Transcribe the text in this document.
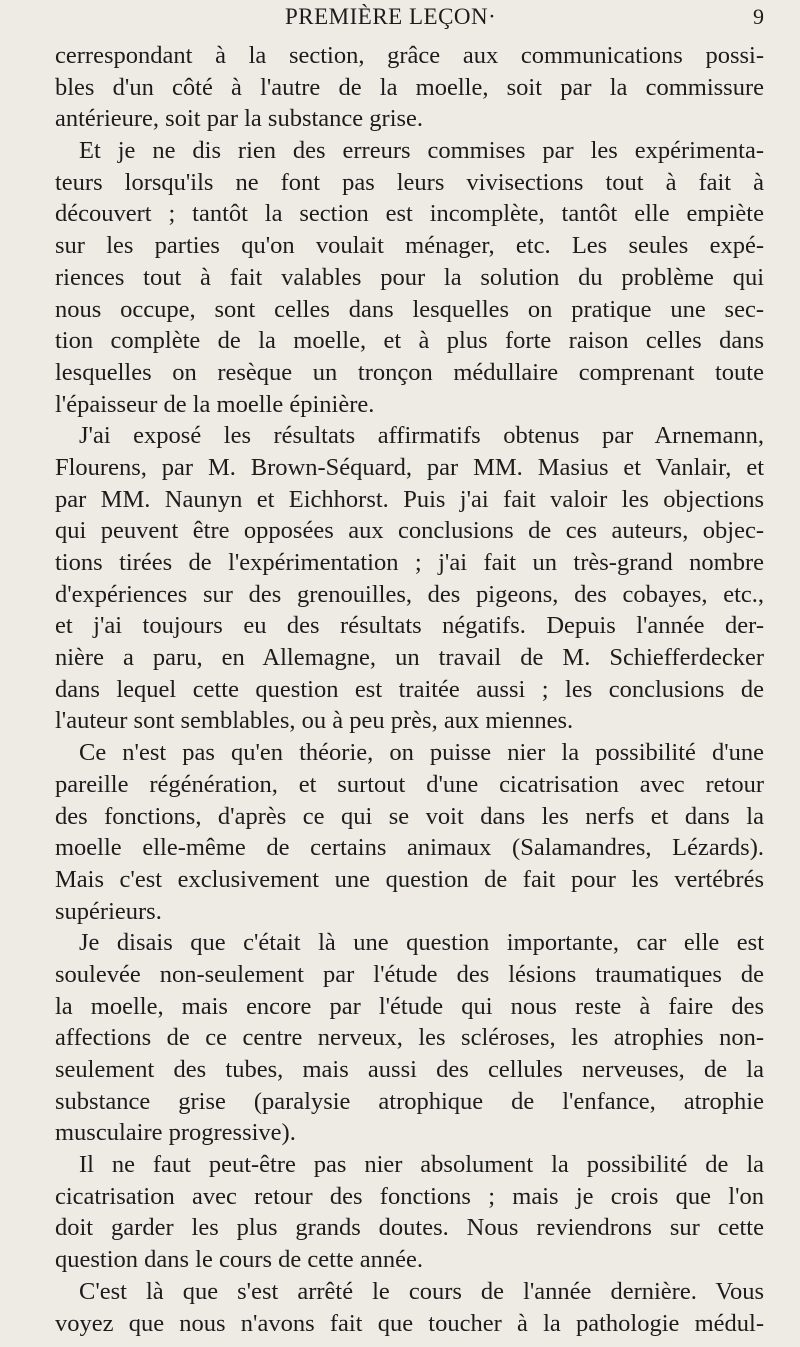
PREMIÈRE LEÇON·	9
cerrespondant à la section, grâce aux communications possi-
bles d'un côté à l'autre de la moelle, soit par la commissure
antérieure, soit par la substance grise.
Et je ne dis rien des erreurs commises par les expérimenta-
teurs lorsqu'ils ne font pas leurs vivisections tout à fait à
découvert ; tantôt la section est incomplète, tantôt elle empiète
sur les parties qu'on voulait ménager, etc. Les seules expé-
riences tout à fait valables pour la solution du problème qui
nous occupe, sont celles dans lesquelles on pratique une sec-
tion complète de la moelle, et à plus forte raison celles dans
lesquelles on resèque un tronçon médullaire comprenant toute
l'épaisseur de la moelle épinière.
J'ai exposé les résultats affirmatifs obtenus par Arnemann,
Flourens, par M. Brown-Séquard, par MM. Masius et Vanlair, et
par MM. Naunyn et Eichhorst. Puis j'ai fait valoir les objections
qui peuvent être opposées aux conclusions de ces auteurs, objec-
tions tirées de l'expérimentation ; j'ai fait un très-grand nombre
d'expériences sur des grenouilles, des pigeons, des cobayes, etc.,
et j'ai toujours eu des résultats négatifs. Depuis l'année der-
nière a paru, en Allemagne, un travail de M. Schiefferdecker
dans lequel cette question est traitée aussi ; les conclusions de
l'auteur sont semblables, ou à peu près, aux miennes.
Ce n'est pas qu'en théorie, on puisse nier la possibilité d'une
pareille régénération, et surtout d'une cicatrisation avec retour
des fonctions, d'après ce qui se voit dans les nerfs et dans la
moelle elle-même de certains animaux (Salamandres, Lézards).
Mais c'est exclusivement une question de fait pour les vertébrés
supérieurs.
Je disais que c'était là une question importante, car elle est
soulevée non-seulement par l'étude des lésions traumatiques de
la moelle, mais encore par l'étude qui nous reste à faire des
affections de ce centre nerveux, les scléroses, les atrophies non-
seulement des tubes, mais aussi des cellules nerveuses, de la
substance grise (paralysie atrophique de l'enfance, atrophie
musculaire progressive).
Il ne faut peut-être pas nier absolument la possibilité de la
cicatrisation avec retour des fonctions ; mais je crois que l'on
doit garder les plus grands doutes. Nous reviendrons sur cette
question dans le cours de cette année.
C'est là que s'est arrêté le cours de l'année dernière. Vous
voyez que nous n'avons fait que toucher à la pathologie médul-
